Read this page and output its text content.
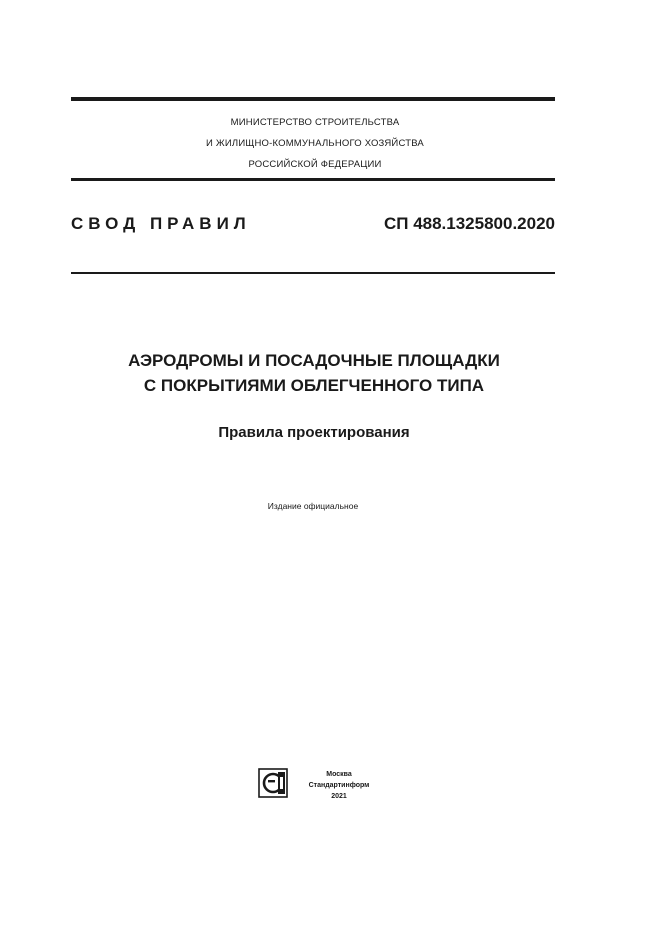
МИНИСТЕРСТВО СТРОИТЕЛЬСТВА
И ЖИЛИЩНО-КОММУНАЛЬНОГО ХОЗЯЙСТВА
РОССИЙСКОЙ ФЕДЕРАЦИИ
СВОД ПРАВИЛ	СП 488.1325800.2020
АЭРОДРОМЫ И ПОСАДОЧНЫЕ ПЛОЩАДКИ
С ПОКРЫТИЯМИ ОБЛЕГЧЕННОГО ТИПА
Правила проектирования
Издание официальное
Москва
Стандартинформ
2021
